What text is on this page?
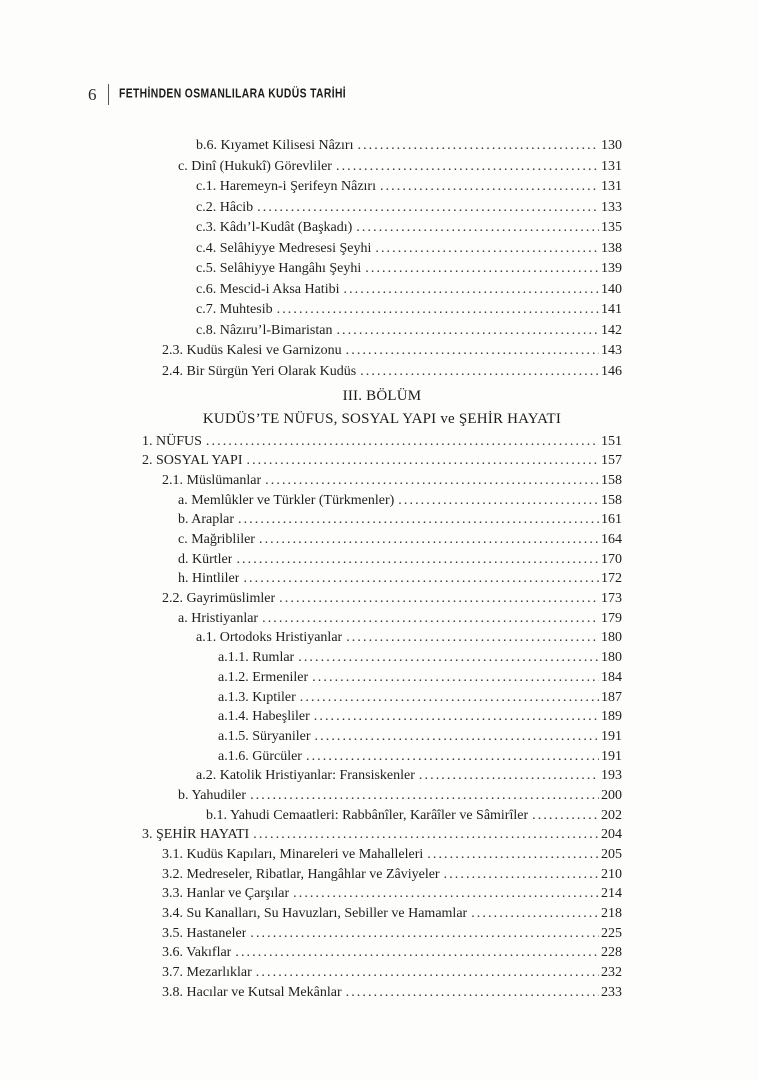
6 FETHİNDEN OSMANLILARA KUDÜS TARİHİ
b.6. Kıyamet Kilisesi Nâzırı .....	130
c. Dinî (Hukukî) Görevliler .....	131
c.1. Haremeyn-i Şerifeyn Nâzırı .....	131
c.2. Hâcib .....	133
c.3. Kâdı’l-Kudât (Başkadı) .....	135
c.4. Selâhiyye Medresesi Şeyhi .....	138
c.5. Selâhiyye Hangâhı Şeyhi .....	139
c.6. Mescid-i Aksa Hatibi .....	140
c.7. Muhtesib .....	141
c.8. Nâzıru’l-Bimaristan .....	142
2.3. Kudüs Kalesi ve Garnizonu .....	143
2.4. Bir Sürgün Yeri Olarak Kudüs .....	146
III. BÖLÜM
KUDÜS’TE NÜFUS, SOSYAL YAPI ve ŞEHİR HAYATI
1. NÜFUS .....	151
2. SOSYAL YAPI .....	157
2.1. Müslümanlar .....	158
a. Memlûkler ve Türkler (Türkmenler) .....	158
b. Araplar .....	161
c. Mağribliler .....	164
d. Kürtler .....	170
h. Hintliler .....	172
2.2. Gayrimüslimler .....	173
a. Hristiyanlar .....	179
a.1. Ortodoks Hristiyanlar .....	180
a.1.1. Rumlar .....	180
a.1.2. Ermeniler .....	184
a.1.3. Kıptiler .....	187
a.1.4. Habeşliler .....	189
a.1.5. Süryaniler .....	191
a.1.6. Gürcüler .....	191
a.2. Katolik Hristiyanlar: Fransiskenler .....	193
b. Yahudiler .....	200
b.1. Yahudi Cemaatleri: Rabbânîler, Karâîler ve Sâmirîler .....	202
3. ŞEHİR HAYATI .....	204
3.1. Kudüs Kapıları, Minareleri ve Mahalleleri .....	205
3.2. Medreseler, Ribatlar, Hangâhlar ve Zâviyeler .....	210
3.3. Hanlar ve Çarşılar .....	214
3.4. Su Kanalları, Su Havuzları, Sebiller ve Hamamlar .....	218
3.5. Hastaneler .....	225
3.6. Vakıflar .....	228
3.7. Mezarlıklar .....	232
3.8. Hacılar ve Kutsal Mekânlar .....	233
